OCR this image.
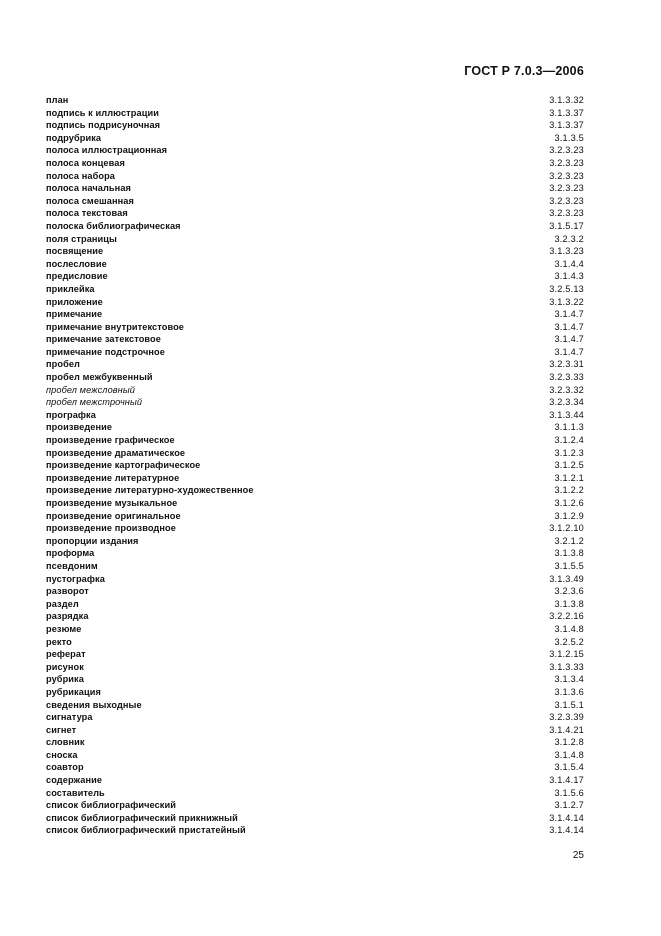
ГОСТ Р 7.0.3—2006
план	3.1.3.32
подпись к иллюстрации	3.1.3.37
подпись подрисуночная	3.1.3.37
подрубрика	3.1.3.5
полоса иллюстрационная	3.2.3.23
полоса концевая	3.2.3.23
полоса набора	3.2.3.23
полоса начальная	3.2.3.23
полоса смешанная	3.2.3.23
полоса текстовая	3.2.3.23
полоска библиографическая	3.1.5.17
поля страницы	3.2.3.2
посвящение	3.1.3.23
послесловие	3.1.4.4
предисловие	3.1.4.3
приклейка	3.2.5.13
приложение	3.1.3.22
примечание	3.1.4.7
примечание внутритекстовое	3.1.4.7
примечание затекстовое	3.1.4.7
примечание подстрочное	3.1.4.7
пробел	3.2.3.31
пробел межбуквенный	3.2.3.33
пробел межсловный	3.2.3.32
пробел межстрочный	3.2.3.34
прографка	3.1.3.44
произведение	3.1.1.3
произведение графическое	3.1.2.4
произведение драматическое	3.1.2.3
произведение картографическое	3.1.2.5
произведение литературное	3.1.2.1
произведение литературно-художественное	3.1.2.2
произведение музыкальное	3.1.2.6
произведение оригинальное	3.1.2.9
произведение производное	3.1.2.10
пропорции издания	3.2.1.2
проформа	3.1.3.8
псевдоним	3.1.5.5
пустографка	3.1.3.49
разворот	3.2.3.6
раздел	3.1.3.8
разрядка	3.2.2.16
резюме	3.1.4.8
ректо	3.2.5.2
реферат	3.1.2.15
рисунок	3.1.3.33
рубрика	3.1.3.4
рубрикация	3.1.3.6
сведения выходные	3.1.5.1
сигнатура	3.2.3.39
сигнет	3.1.4.21
словник	3.1.2.8
сноска	3.1.4.8
соавтор	3.1.5.4
содержание	3.1.4.17
составитель	3.1.5.6
список библиографический	3.1.2.7
список библиографический прикнижный	3.1.4.14
список библиографический пристатейный	3.1.4.14
25
